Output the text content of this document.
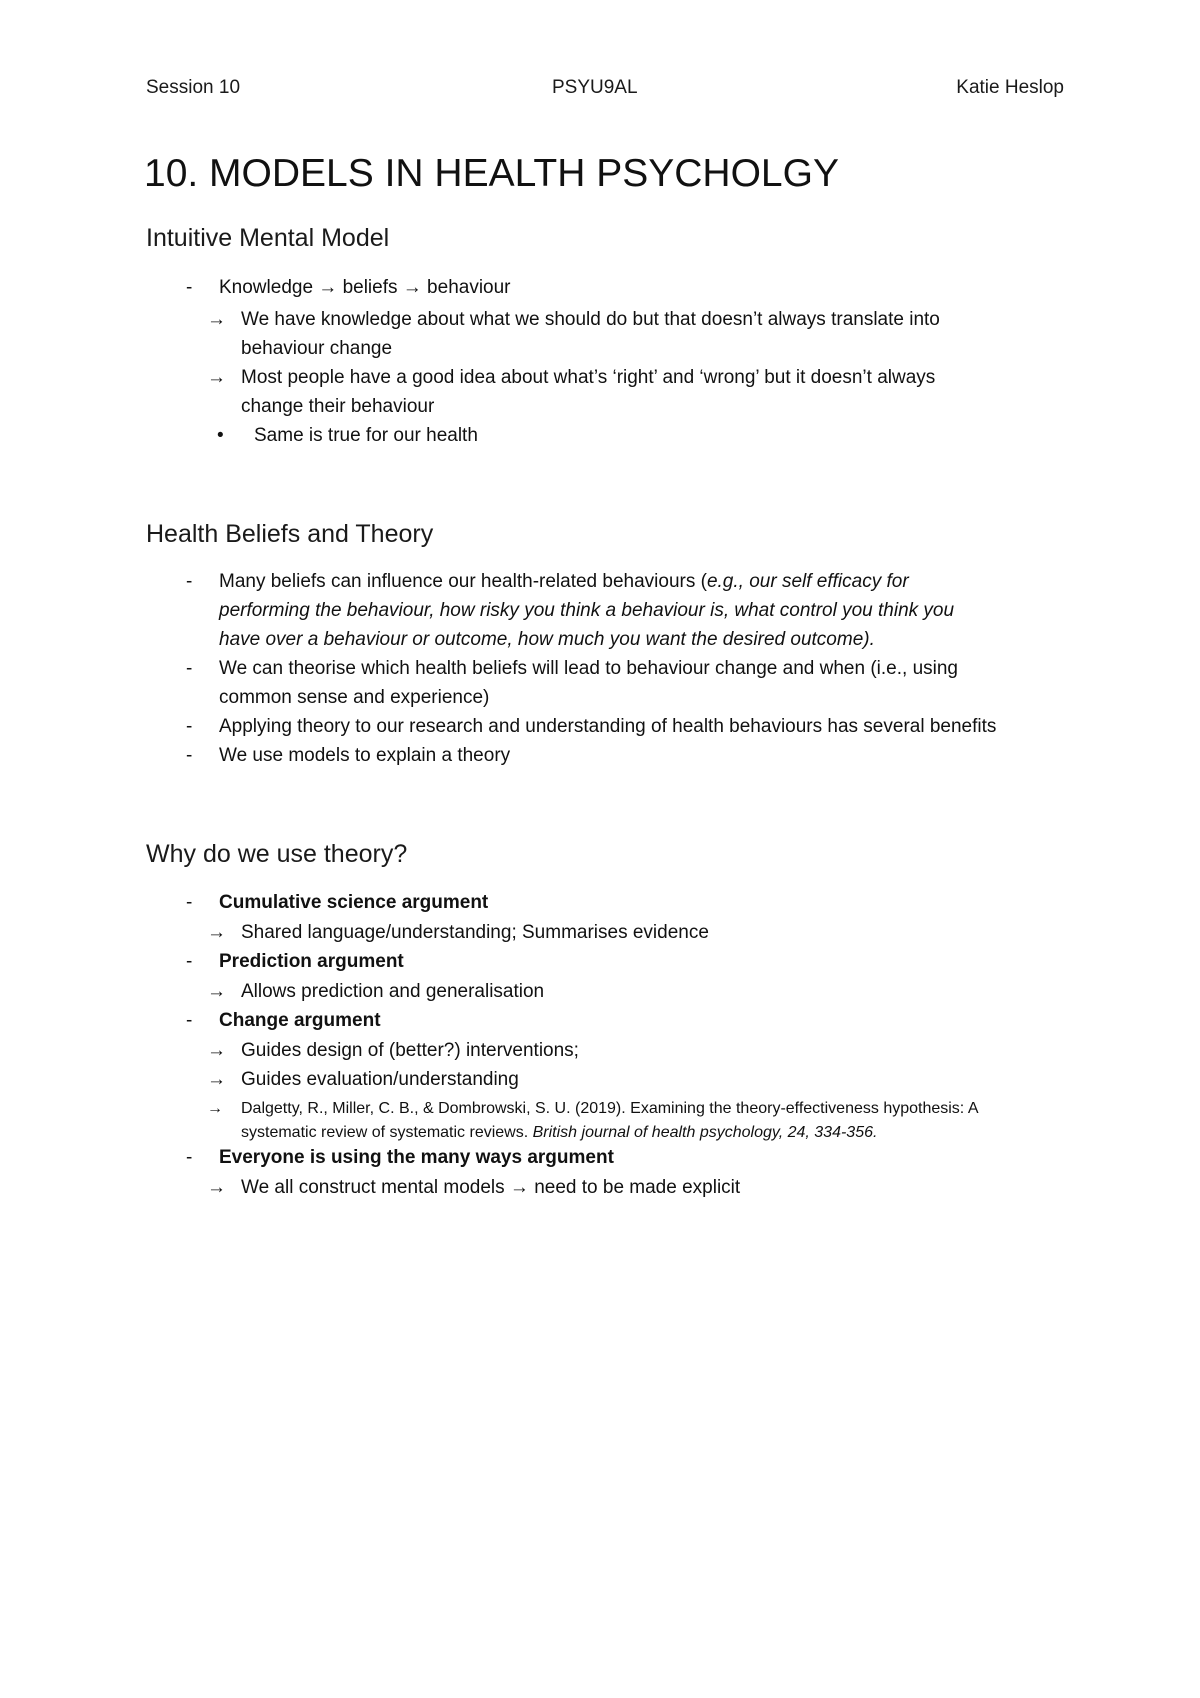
Session 10	PSYU9AL	Katie Heslop
10. MODELS IN HEALTH PSYCHOLGY
Intuitive Mental Model
- Knowledge → beliefs → behaviour
→ We have knowledge about what we should do but that doesn’t always translate into
behaviour change
→ Most people have a good idea about what’s ‘right’ and ‘wrong’ but it doesn’t always
change their behaviour
• Same is true for our health
Health Beliefs and Theory
- Many beliefs can influence our health-related behaviours (e.g., our self efficacy for
performing the behaviour, how risky you think a behaviour is, what control you think you
have over a behaviour or outcome, how much you want the desired outcome).
- We can theorise which health beliefs will lead to behaviour change and when (i.e., using
common sense and experience)
- Applying theory to our research and understanding of health behaviours has several benefits
- We use models to explain a theory
Why do we use theory?
- Cumulative science argument
→ Shared language/understanding; Summarises evidence
- Prediction argument
→ Allows prediction and generalisation
- Change argument
→ Guides design of (better?) interventions;
→ Guides evaluation/understanding
→ Dalgetty, R., Miller, C. B., & Dombrowski, S. U. (2019). Examining the theory-effectiveness hypothesis: A
systematic review of systematic reviews. British journal of health psychology, 24, 334-356.
- Everyone is using the many ways argument
→ We all construct mental models → need to be made explicit
